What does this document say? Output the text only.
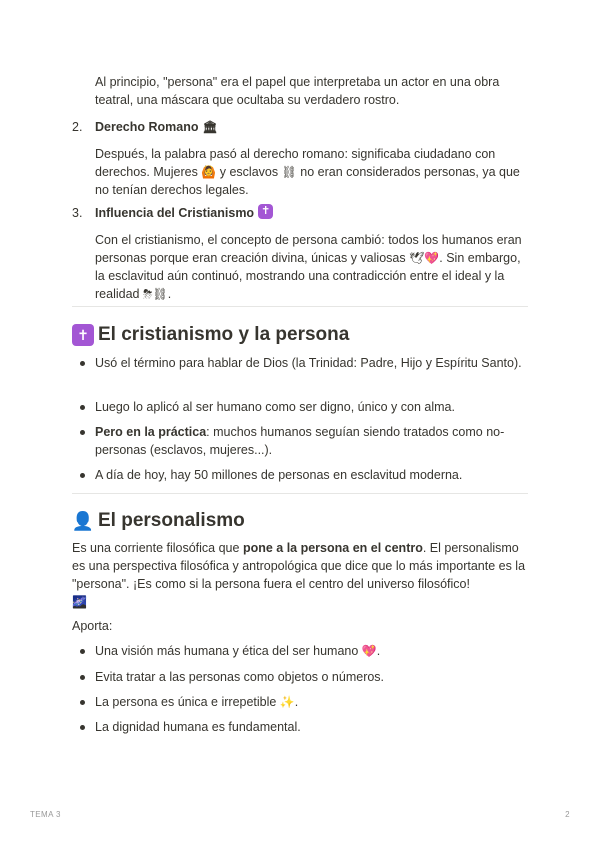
Al principio, "persona" era el papel que interpretaba un actor en una obra teatral, una máscara que ocultaba su verdadero rostro.

2.	Derecho Romano 🏛
Después, la palabra pasó al derecho romano: significaba ciudadano con derechos. Mujeres 🙆 y esclavos ⛓ no eran considerados personas, ya que no tenían derechos legales.
3.	Influencia del Cristianismo ✝
Con el cristianismo, el concepto de persona cambió: todos los humanos eran personas porque eran creación divina, únicas y valiosas 🕊💖. Sin embargo, la esclavitud aún continuó, mostrando una contradicción entre el ideal y la realidad ⛈⛓.
✝ El cristianismo y la persona
Usó el término para hablar de Dios (la Trinidad: Padre, Hijo y Espíritu Santo).
Luego lo aplicó al ser humano como ser digno, único y con alma.
Pero en la práctica: muchos humanos seguían siendo tratados como no-personas (esclavos, mujeres...).
A día de hoy, hay 50 millones de personas en esclavitud moderna.
👤 El personalismo

Es una corriente filosófica que pone a la persona en el centro. El personalismo es una perspectiva filosófica y antropológica que dice que lo más importante es la "persona". ¡Es como si la persona fuera el centro del universo filosófico!
🌌

Aporta:

Una visión más humana y ética del ser humano 💖.
Evita tratar a las personas como objetos o números.
La persona es única e irrepetible ✨.
La dignidad humana es fundamental.
TEMA 3	2
